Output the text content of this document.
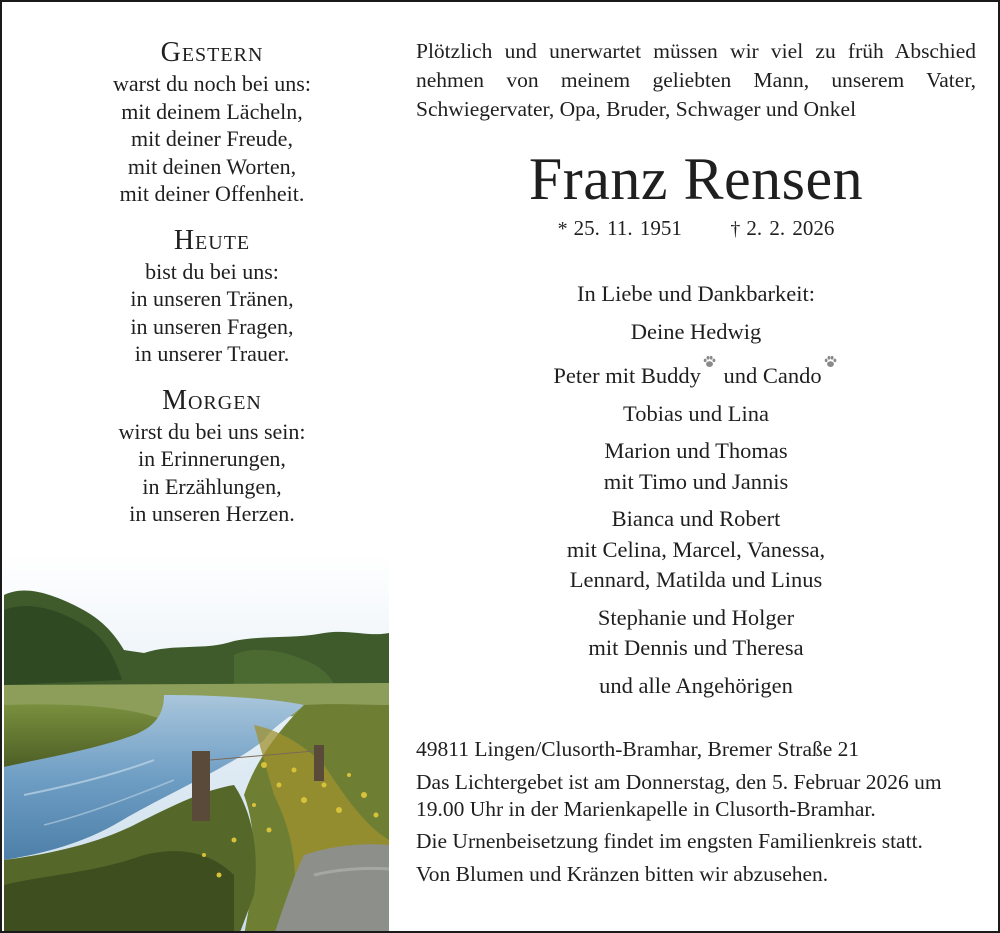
Gestern
warst du noch bei uns:
mit deinem Lächeln,
mit deiner Freude,
mit deinen Worten,
mit deiner Offenheit.
Heute
bist du bei uns:
in unseren Tränen,
in unseren Fragen,
in unserer Trauer.
Morgen
wirst du bei uns sein:
in Erinnerungen,
in Erzählungen,
in unseren Herzen.
Plötzlich und unerwartet müssen wir viel zu früh Abschied nehmen von meinem geliebten Mann, unserem Vater, Schwiegervater, Opa, Bruder, Schwager und Onkel
Franz Rensen
* 25. 11. 1951 † 2. 2. 2026
In Liebe und Dankbarkeit:
Deine Hedwig
Peter mit Buddy
und Cando
Tobias und Lina
Marion und Thomas
mit Timo und Jannis
Bianca und Robert
mit Celina, Marcel, Vanessa,
Lennard, Matilda und Linus
Stephanie und Holger
mit Dennis und Theresa
und alle Angehörigen
49811 Lingen/Clusorth-Bramhar, Bremer Straße 21

Das Lichtergebet ist am Donnerstag, den 5. Februar 2026 um 19.00 Uhr in der Marienkapelle in Clusorth-Bramhar.

Die Urnenbeisetzung findet im engsten Familienkreis statt.

Von Blumen und Kränzen bitten wir abzusehen.
